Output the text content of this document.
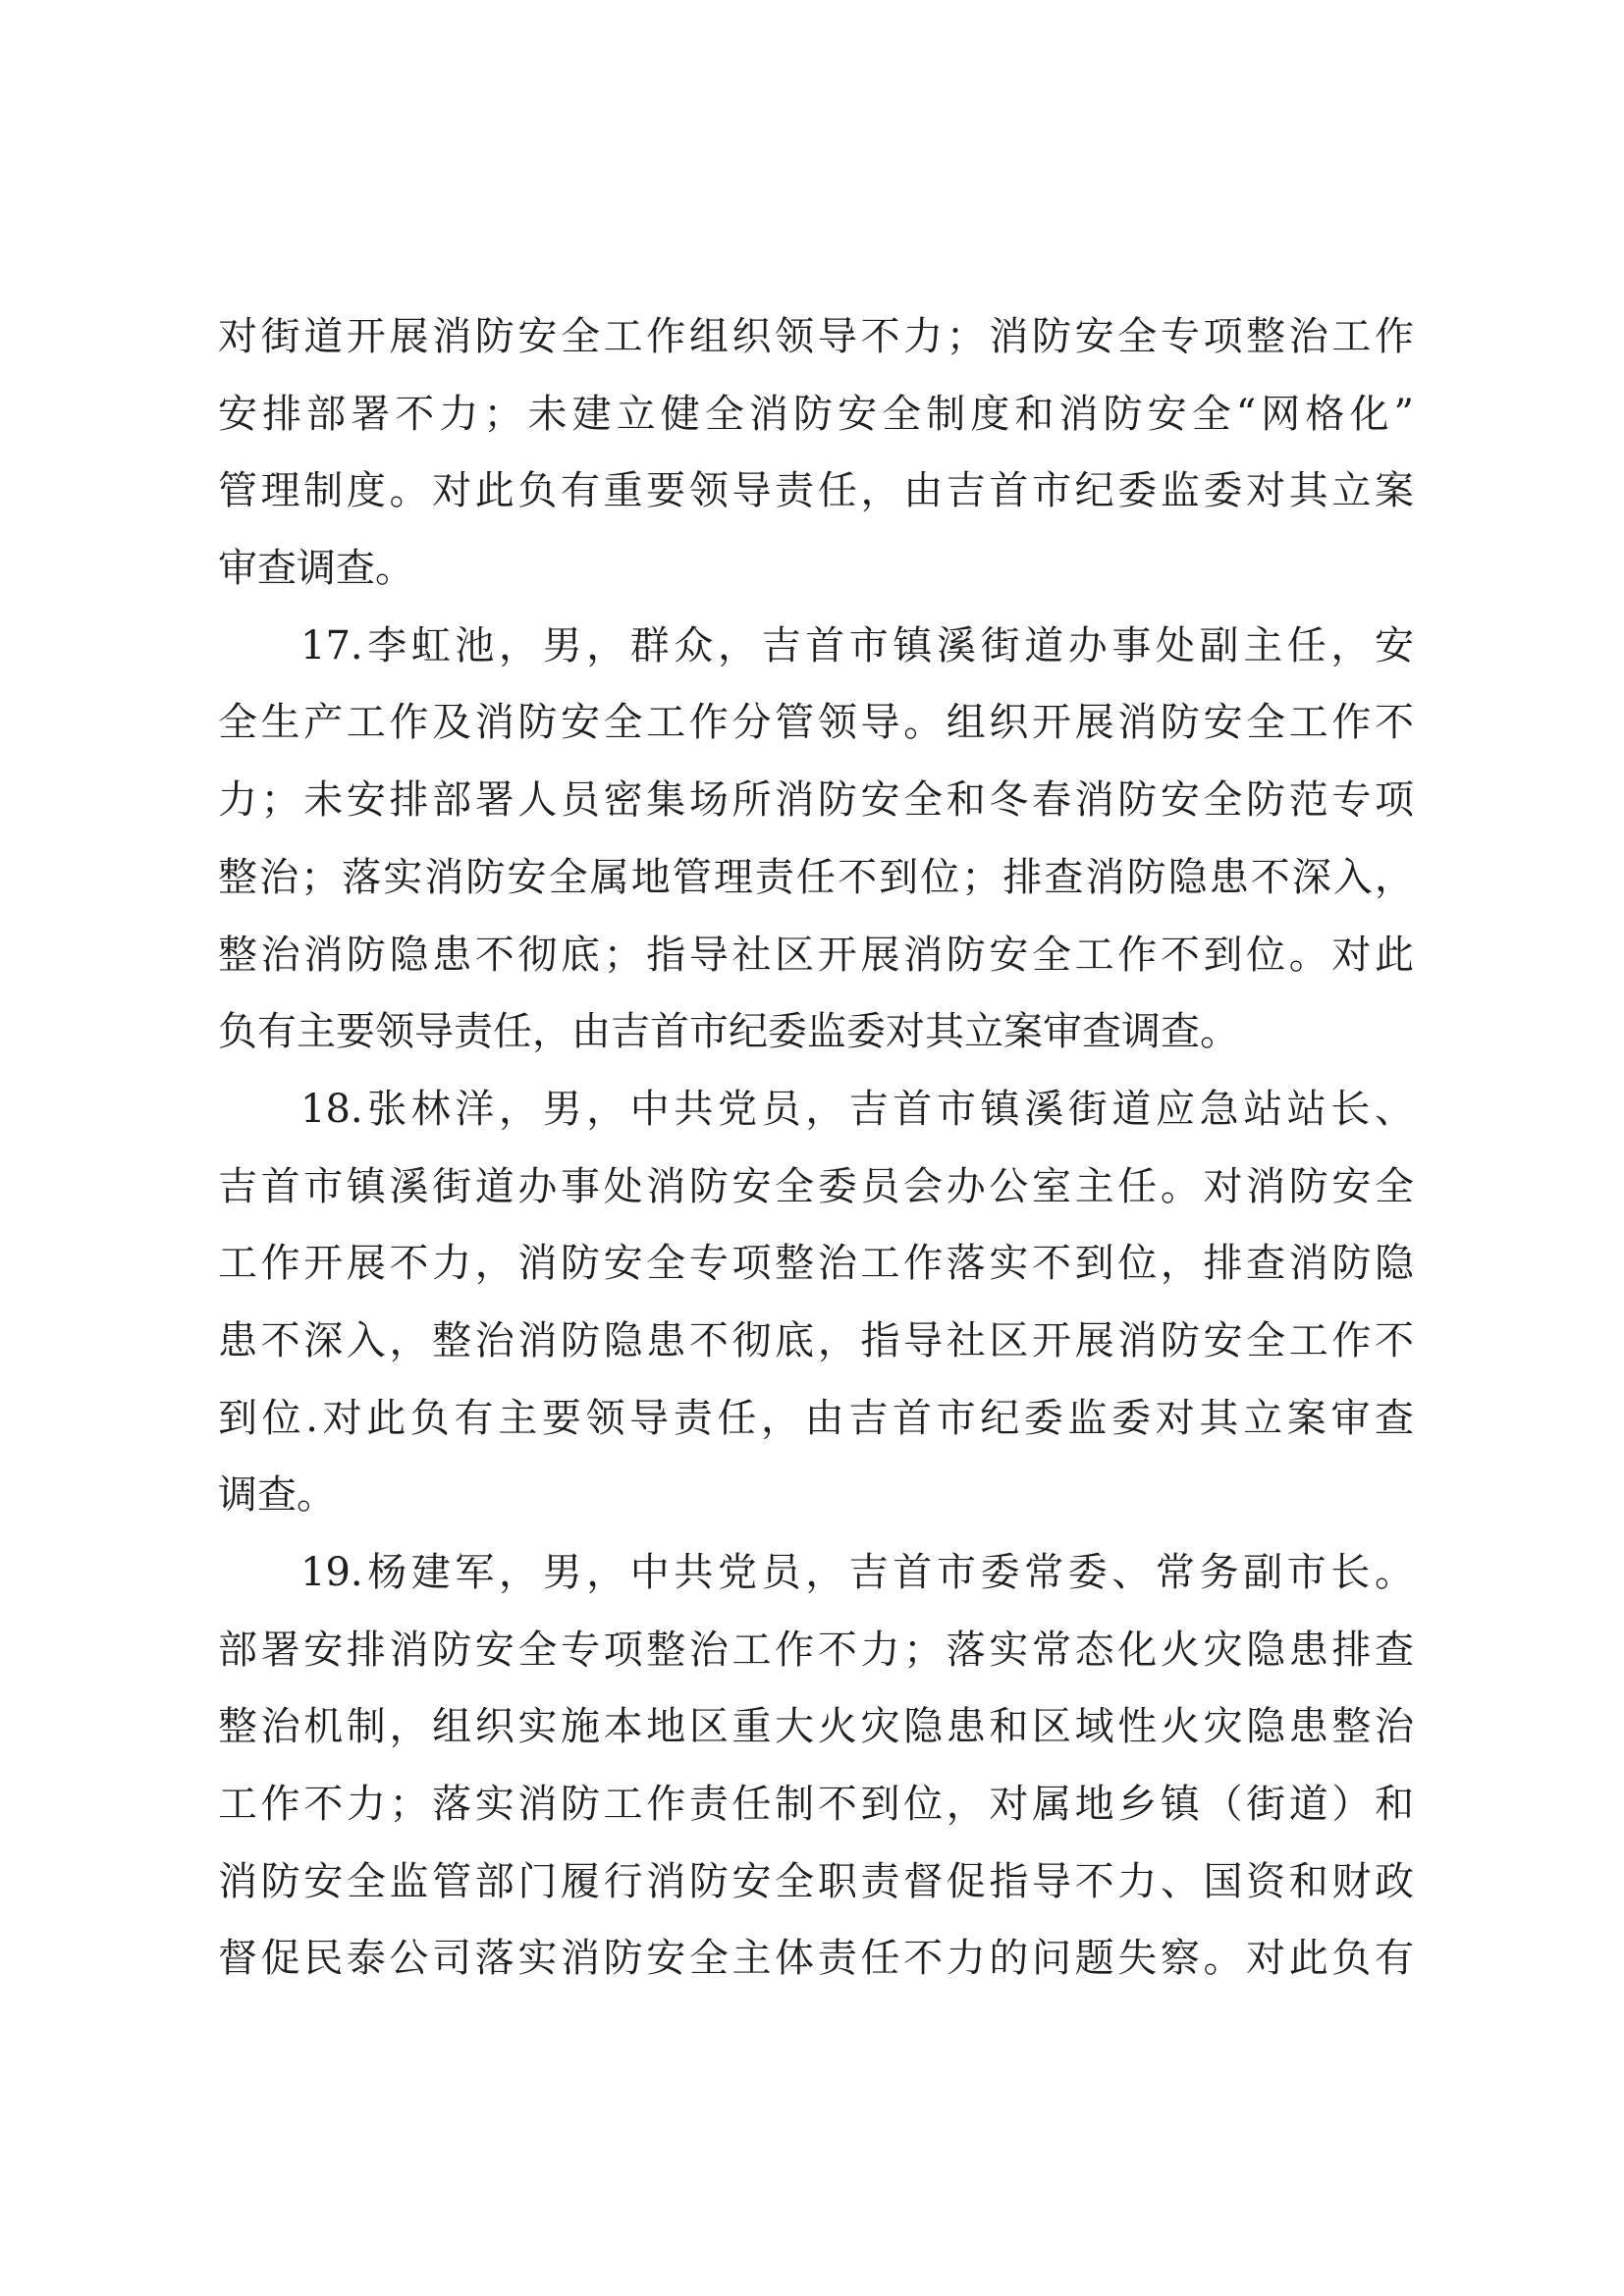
对街道开展消防安全工作组织领导不力；消防安全专项整治工作
安排部署不力；未建立健全消防安全制度和消防安全“网格化”
管理制度。对此负有重要领导责任，由吉首市纪委监委对其立案
审查调查。
17.李虹池，男，群众，吉首市镇溪街道办事处副主任，安
全生产工作及消防安全工作分管领导。组织开展消防安全工作不
力；未安排部署人员密集场所消防安全和冬春消防安全防范专项
整治；落实消防安全属地管理责任不到位；排查消防隐患不深入，
整治消防隐患不彻底；指导社区开展消防安全工作不到位。对此
负有主要领导责任，由吉首市纪委监委对其立案审查调查。
18.张林洋，男，中共党员，吉首市镇溪街道应急站站长、
吉首市镇溪街道办事处消防安全委员会办公室主任。对消防安全
工作开展不力，消防安全专项整治工作落实不到位，排查消防隐
患不深入，整治消防隐患不彻底，指导社区开展消防安全工作不
到位.对此负有主要领导责任，由吉首市纪委监委对其立案审查
调查。
19.杨建军，男，中共党员，吉首市委常委、常务副市长。
部署安排消防安全专项整治工作不力；落实常态化火灾隐患排查
整治机制，组织实施本地区重大火灾隐患和区域性火灾隐患整治
工作不力；落实消防工作责任制不到位，对属地乡镇（街道）和
消防安全监管部门履行消防安全职责督促指导不力、国资和财政
督促民泰公司落实消防安全主体责任不力的问题失察。对此负有
